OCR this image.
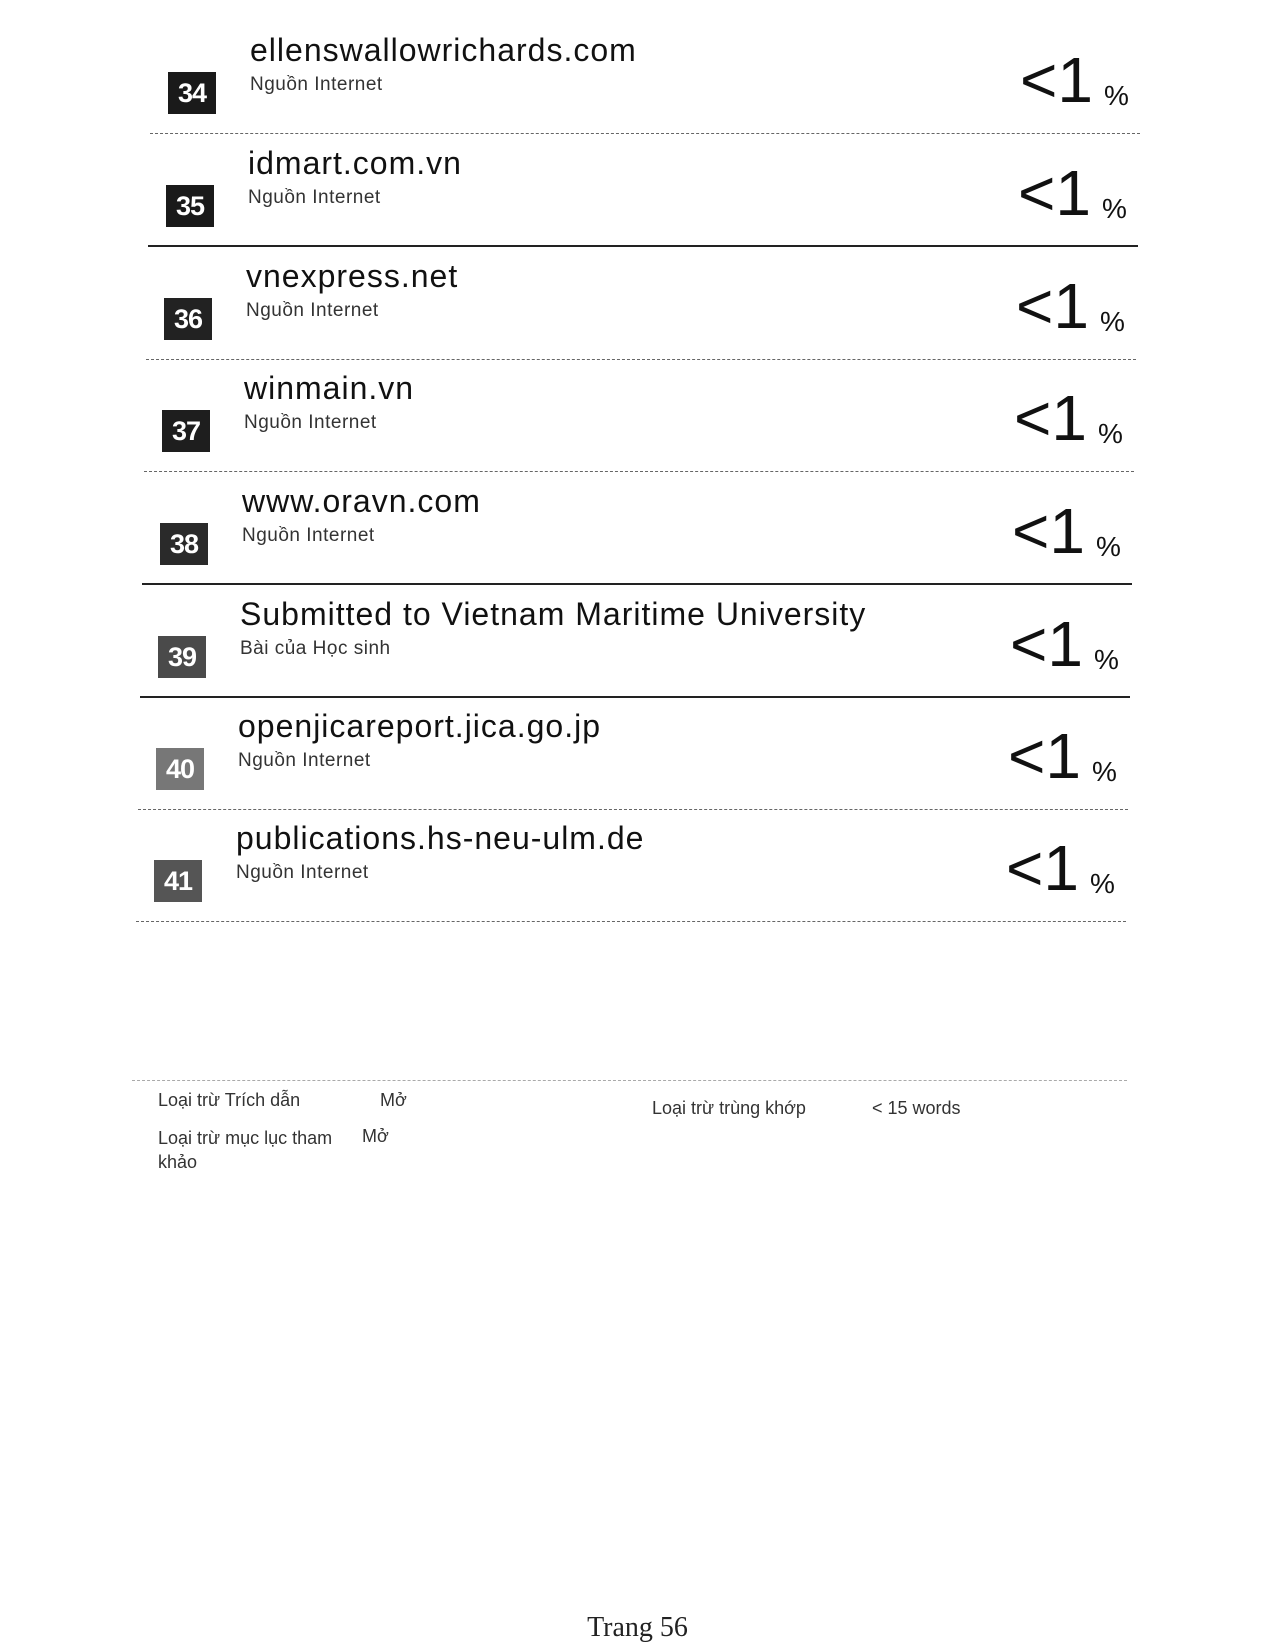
34
ellenswallowrichards.com
Nguồn Internet	<1 %
35
idmart.com.vn
Nguồn Internet	<1 %
36
vnexpress.net
Nguồn Internet	<1 %
37
winmain.vn
Nguồn Internet	<1 %
38
www.oravn.com
Nguồn Internet	<1 %
39
Submitted to Vietnam Maritime University
Bài của Học sinh	<1 %
40
openjicareport.jica.go.jp
Nguồn Internet	<1 %
41
publications.hs-neu-ulm.de
Nguồn Internet	<1 %
Loại trừ Trích dẫn	Mở
Loại trừ mục lục tham khảo
Mở
Loại trừ trùng khớp	< 15 words
Trang 56
